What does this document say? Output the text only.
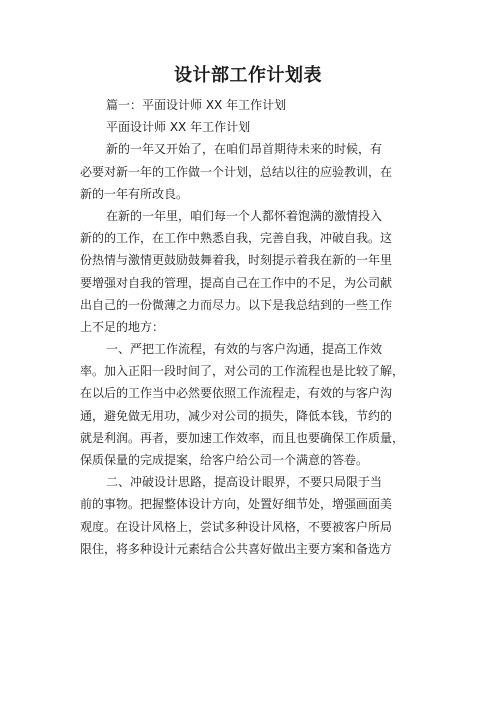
设计部工作计划表
篇一：平面设计师 XX 年工作计划
平面设计师 XX 年工作计划
新的一年又开始了，在咱们昂首期待未来的时候，有
必要对新一年的工作做一个计划，总结以往的应验教训，在
新的一年有所改良。
在新的一年里，咱们每一个人都怀着饱满的激情投入
新的的工作，在工作中熟悉自我，完善自我，冲破自我。这
份热情与激情更鼓励鼓舞着我，时刻提示着我在新的一年里
要增强对自我的管理，提高自己在工作中的不足，为公司献
出自己的一份微薄之力而尽力。以下是我总结到的一些工作
上不足的地方：
一、严把工作流程，有效的与客户沟通，提高工作效
率。加入正阳一段时间了，对公司的工作流程也是比较了解，
在以后的工作当中必然要依照工作流程走，有效的与客户沟
通，避免做无用功，减少对公司的损失，降低本钱，节约的
就是利润。再者，要加速工作效率，而且也要确保工作质量，
保质保量的完成提案，给客户给公司一个满意的答卷。
二、冲破设计思路，提高设计眼界，不要只局限于当
前的事物。把握整体设计方向，处置好细节处，增强画面美
观度。在设计风格上，尝试多种设计风格，不要被客户所局
限住，将多种设计元素结合公共喜好做出主要方案和备选方
